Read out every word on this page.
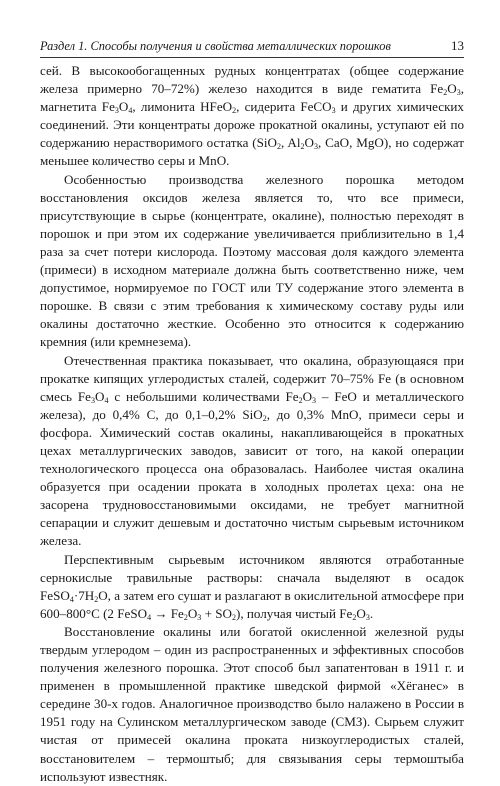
Раздел 1. Способы получения и свойства металлических порошков	13

сей. В высокообогащенных рудных концентратах (общее содержание железа примерно 70–72%) железо находится в виде гематита $Fe_2O_3$, магнетита $Fe_3O_4$, лимонита HFeO$_2$, сидерита FeCO$_3$ и других химических соединений. Эти концентраты дороже прокатной окалины, уступают ей по содержанию нерастворимого остатка (SiO$_2$, $Al_2O_3$, CaO, MgO), но содержат меньшее количество серы и MnO.

Особенностью производства железного порошка методом восстановления оксидов железа является то, что все примеси, присутствующие в сырье (концентрате, окалине), полностью переходят в порошок и при этом их содержание увеличивается приблизительно в 1,4 раза за счет потери кислорода. Поэтому массовая доля каждого элемента (примеси) в исходном материале должна быть соответственно ниже, чем допустимое, нормируемое по ГОСТ или ТУ содержание этого элемента в порошке. В связи с этим требования к химическому составу руды или окалины достаточно жесткие. Особенно это относится к содержанию кремния (или кремнезема).

Отечественная практика показывает, что окалина, образующаяся при прокатке кипящих углеродистых сталей, содержит 70–75% Fe (в основном смесь $Fe_3O_4$ с небольшими количествами $Fe_2O_3$ – FeO и металлического железа), до 0,4% С, до 0,1–0,2% SiO$_2$, до 0,3% MnO, примеси серы и фосфора. Химический состав окалины, накапливающейся в прокатных цехах металлургических заводов, зависит от того, на какой операции технологического процесса она образовалась. Наиболее чистая окалина образуется при осадении проката в холодных пролетах цеха: она не засорена трудновосстановимыми оксидами, не требует магнитной сепарации и служит дешевым и достаточно чистым сырьевым источником железа.

Перспективным сырьевым источником являются отработанные сернокислые травильные растворы: сначала выделяют в осадок $FeSO_4\cdot 7H_2O$, а затем его сушат и разлагают в окислительной атмосфере при 600–800°С (2 FeSO$_4$ → $Fe_2O_3 + SO_2$), получая чистый $Fe_2O_3$.

Восстановление окалины или богатой окисленной железной руды твердым углеродом – один из распространенных и эффективных способов получения железного порошка. Этот способ был запатентован в 1911 г. и применен в промышленной практике шведской фирмой «Хёганес» в середине 30-х годов. Аналогичное производство было налажено в России в 1951 году на Сулинском металлургическом заводе (СМЗ). Сырьем служит чистая от примесей окалина проката низкоуглеродистых сталей, восстановителем – термоштыб; для связывания серы термоштыба используют известняк.
